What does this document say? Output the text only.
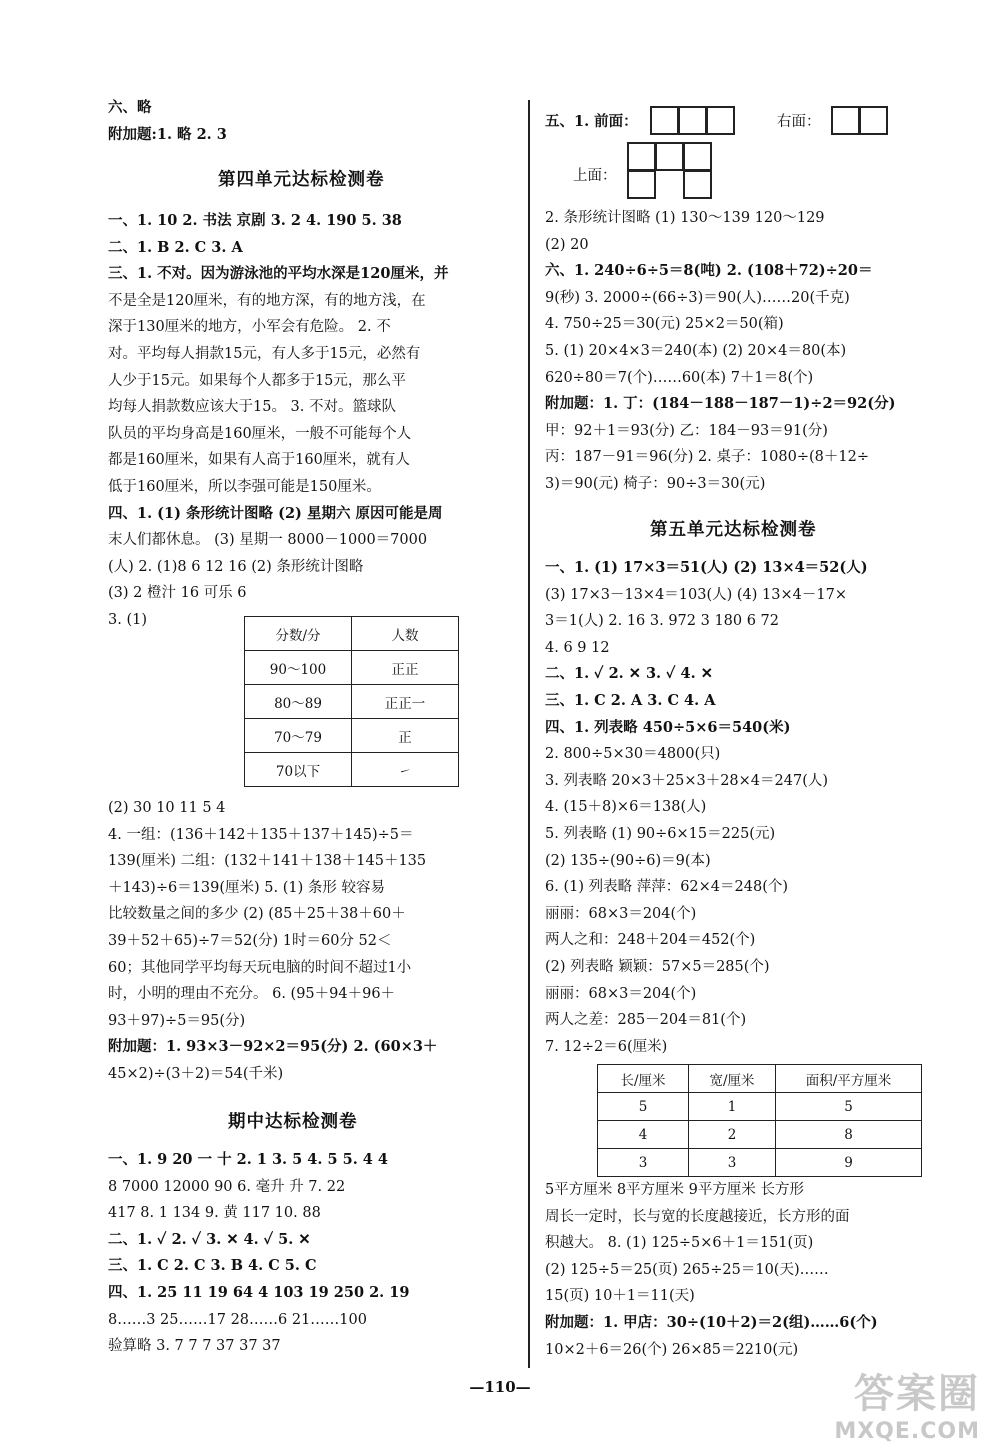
六、略
附加题:1. 略 2. 3
第四单元达标检测卷
一、1. 10 2. 书法 京剧 3. 2 4. 190 5. 38
二、1. B 2. C 3. A
三、1. 不对。因为游泳池的平均水深是120厘米，并
不是全是120厘米，有的地方深，有的地方浅，在
深于130厘米的地方，小军会有危险。 2. 不
对。平均每人捐款15元，有人多于15元，必然有
人少于15元。如果每个人都多于15元，那么平
均每人捐款数应该大于15。 3. 不对。篮球队
队员的平均身高是160厘米，一般不可能每个人
都是160厘米，如果有人高于160厘米，就有人
低于160厘米，所以李强可能是150厘米。
四、1. (1) 条形统计图略 (2) 星期六 原因可能是周
末人们都休息。 (3) 星期一 8000－1000＝7000
(人) 2. (1)8 6 12 16 (2) 条形统计图略
(3) 2 橙汁 16 可乐 6
3. (1)
分数/分	人数
90～100	正正
80～89	正正一
70～79	正
70以下	㇀
(2) 30 10 11 5 4
4. 一组：(136＋142＋135＋137＋145)÷5＝
139(厘米) 二组：(132＋141＋138＋145＋135
＋143)÷6＝139(厘米) 5. (1) 条形 较容易
比较数量之间的多少 (2) (85＋25＋38＋60＋
39＋52＋65)÷7＝52(分) 1时＝60分 52＜
60；其他同学平均每天玩电脑的时间不超过1小
时，小明的理由不充分。 6. (95＋94＋96＋
93＋97)÷5＝95(分)
附加题：1. 93×3－92×2＝95(分) 2. (60×3＋
45×2)÷(3＋2)＝54(千米)
期中达标检测卷
一、1. 9 20 一 十 2. 1 3. 5 4. 5 5. 4 4
8 7000 12000 90 6. 毫升 升 7. 22
417 8. 1 134 9. 黄 117 10. 88
二、1. ✓ 2. ✓ 3. ✕ 4. ✓ 5. ✕
三、1. C 2. C 3. B 4. C 5. C
四、1. 25 11 19 64 4 103 19 250 2. 19
8……3 25……17 28……6 21……100
验算略 3. 7 7 7 37 37 37
五、1. 前面：	右面：
上面：
2. 条形统计图略 (1) 130～139 120～129
(2) 20
六、1. 240÷6÷5＝8(吨) 2. (108＋72)÷20＝
9(秒) 3. 2000÷(66÷3)＝90(人)……20(千克)
4. 750÷25＝30(元) 25×2＝50(箱)
5. (1) 20×4×3＝240(本) (2) 20×4＝80(本)
620÷80＝7(个)……60(本) 7＋1＝8(个)
附加题：1. 丁：(184－188－187－1)÷2＝92(分)
甲：92＋1＝93(分) 乙：184－93＝91(分)
丙：187－91＝96(分) 2. 桌子：1080÷(8＋12÷
3)＝90(元) 椅子：90÷3＝30(元)
第五单元达标检测卷
一、1. (1) 17×3＝51(人) (2) 13×4＝52(人)
(3) 17×3－13×4＝103(人) (4) 13×4－17×
3＝1(人) 2. 16 3. 972 3 180 6 72
4. 6 9 12
二、1. ✓ 2. ✕ 3. ✓ 4. ✕
三、1. C 2. A 3. C 4. A
四、1. 列表略 450÷5×6＝540(米)
2. 800÷5×30＝4800(只)
3. 列表略 20×3＋25×3＋28×4＝247(人)
4. (15＋8)×6＝138(人)
5. 列表略 (1) 90÷6×15＝225(元)
(2) 135÷(90÷6)＝9(本)
6. (1) 列表略 萍萍：62×4＝248(个)
丽丽：68×3＝204(个)
两人之和：248＋204＝452(个)
(2) 列表略 颖颖：57×5＝285(个)
丽丽：68×3＝204(个)
两人之差：285－204＝81(个)
7. 12÷2＝6(厘米)
长/厘米	宽/厘米	面积/平方厘米
5	1	5
4	2	8
3	3	9
5平方厘米 8平方厘米 9平方厘米 长方形
周长一定时，长与宽的长度越接近，长方形的面
积越大。 8. (1) 125÷5×6＋1＝151(页)
(2) 125÷5＝25(页) 265÷25＝10(天)……
15(页) 10＋1＝11(天)
附加题：1. 甲店：30÷(10＋2)＝2(组)……6(个)
10×2＋6＝26(个) 26×85＝2210(元)
—110—	答案圈
MXQE.COM
